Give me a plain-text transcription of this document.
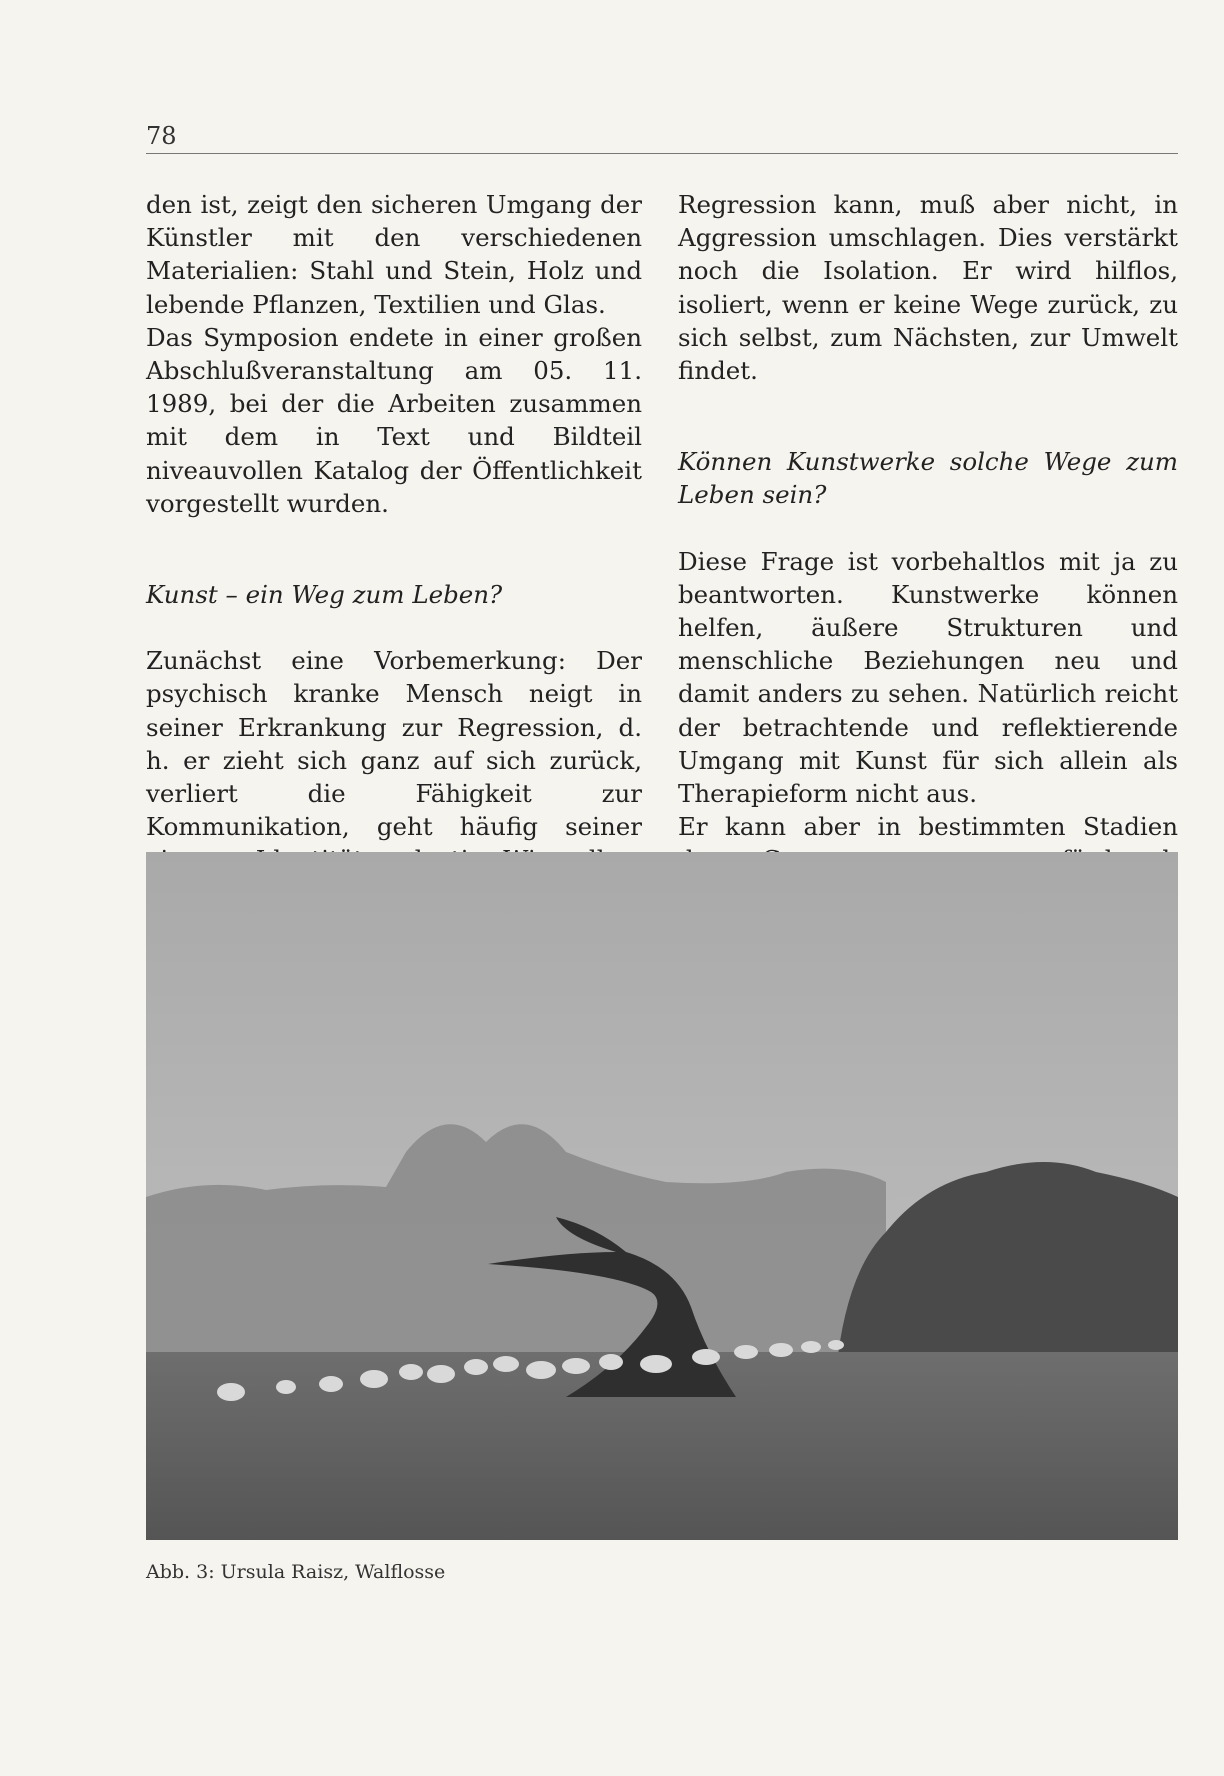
78

den ist, zeigt den sicheren Umgang der Künstler mit den verschiedenen Materialien: Stahl und Stein, Holz und lebende Pflanzen, Textilien und Glas.

Das Symposion endete in einer großen Abschlußveranstaltung am 05. 11. 1989, bei der die Arbeiten zusammen mit dem in Text und Bildteil niveauvollen Katalog der Öffentlichkeit vorgestellt wurden.

Kunst – ein Weg zum Leben?

Zunächst eine Vorbemerkung: Der psychisch kranke Mensch neigt in seiner Erkrankung zur Regression, d. h. er zieht sich ganz auf sich zurück, verliert die Fähigkeit zur Kommunikation, geht häufig seiner

Regression kann, muß aber nicht, in Aggression umschlagen. Dies verstärkt noch die Isolation. Er wird hilflos, isoliert, wenn er keine Wege zurück, zu sich selbst, zum Nächsten, zur Umwelt findet.

Können Kunstwerke solche Wege zum Leben sein?

Diese Frage ist vorbehaltlos mit ja zu beantworten. Kunstwerke können helfen, äußere Strukturen und menschliche Beziehungen neu und damit anders zu sehen. Natürlich reicht der betrachtende und reflektierende Umgang mit Kunst für sich allein als Therapieform nicht aus.

Er kann aber in bestimmten Stadien

Abb. 3: Ursula Raisz, Walflosse
